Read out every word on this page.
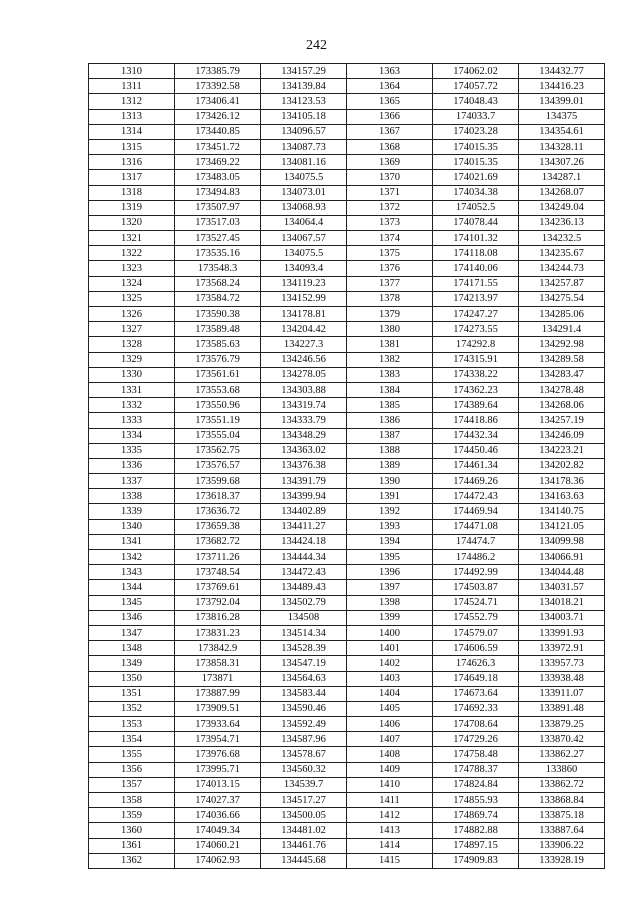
242
1310	173385.79	134157.29	1363	174062.02	134432.77
1311	173392.58	134139.84	1364	174057.72	134416.23
1312	173406.41	134123.53	1365	174048.43	134399.01
1313	173426.12	134105.18	1366	174033.7	134375
1314	173440.85	134096.57	1367	174023.28	134354.61
1315	173451.72	134087.73	1368	174015.35	134328.11
1316	173469.22	134081.16	1369	174015.35	134307.26
1317	173483.05	134075.5	1370	174021.69	134287.1
1318	173494.83	134073.01	1371	174034.38	134268.07
1319	173507.97	134068.93	1372	174052.5	134249.04
1320	173517.03	134064.4	1373	174078.44	134236.13
1321	173527.45	134067.57	1374	174101.32	134232.5
1322	173535.16	134075.5	1375	174118.08	134235.67
1323	173548.3	134093.4	1376	174140.06	134244.73
1324	173568.24	134119.23	1377	174171.55	134257.87
1325	173584.72	134152.99	1378	174213.97	134275.54
1326	173590.38	134178.81	1379	174247.27	134285.06
1327	173589.48	134204.42	1380	174273.55	134291.4
1328	173585.63	134227.3	1381	174292.8	134292.98
1329	173576.79	134246.56	1382	174315.91	134289.58
1330	173561.61	134278.05	1383	174338.22	134283.47
1331	173553.68	134303.88	1384	174362.23	134278.48
1332	173550.96	134319.74	1385	174389.64	134268.06
1333	173551.19	134333.79	1386	174418.86	134257.19
1334	173555.04	134348.29	1387	174432.34	134246.09
1335	173562.75	134363.02	1388	174450.46	134223.21
1336	173576.57	134376.38	1389	174461.34	134202.82
1337	173599.68	134391.79	1390	174469.26	134178.36
1338	173618.37	134399.94	1391	174472.43	134163.63
1339	173636.72	134402.89	1392	174469.94	134140.75
1340	173659.38	134411.27	1393	174471.08	134121.05
1341	173682.72	134424.18	1394	174474.7	134099.98
1342	173711.26	134444.34	1395	174486.2	134066.91
1343	173748.54	134472.43	1396	174492.99	134044.48
1344	173769.61	134489.43	1397	174503.87	134031.57
1345	173792.04	134502.79	1398	174524.71	134018.21
1346	173816.28	134508	1399	174552.79	134003.71
1347	173831.23	134514.34	1400	174579.07	133991.93
1348	173842.9	134528.39	1401	174606.59	133972.91
1349	173858.31	134547.19	1402	174626.3	133957.73
1350	173871	134564.63	1403	174649.18	133938.48
1351	173887.99	134583.44	1404	174673.64	133911.07
1352	173909.51	134590.46	1405	174692.33	133891.48
1353	173933.64	134592.49	1406	174708.64	133879.25
1354	173954.71	134587.96	1407	174729.26	133870.42
1355	173976.68	134578.67	1408	174758.48	133862.27
1356	173995.71	134560.32	1409	174788.37	133860
1357	174013.15	134539.7	1410	174824.84	133862.72
1358	174027.37	134517.27	1411	174855.93	133868.84
1359	174036.66	134500.05	1412	174869.74	133875.18
1360	174049.34	134481.02	1413	174882.88	133887.64
1361	174060.21	134461.76	1414	174897.15	133906.22
1362	174062.93	134445.68	1415	174909.83	133928.19
